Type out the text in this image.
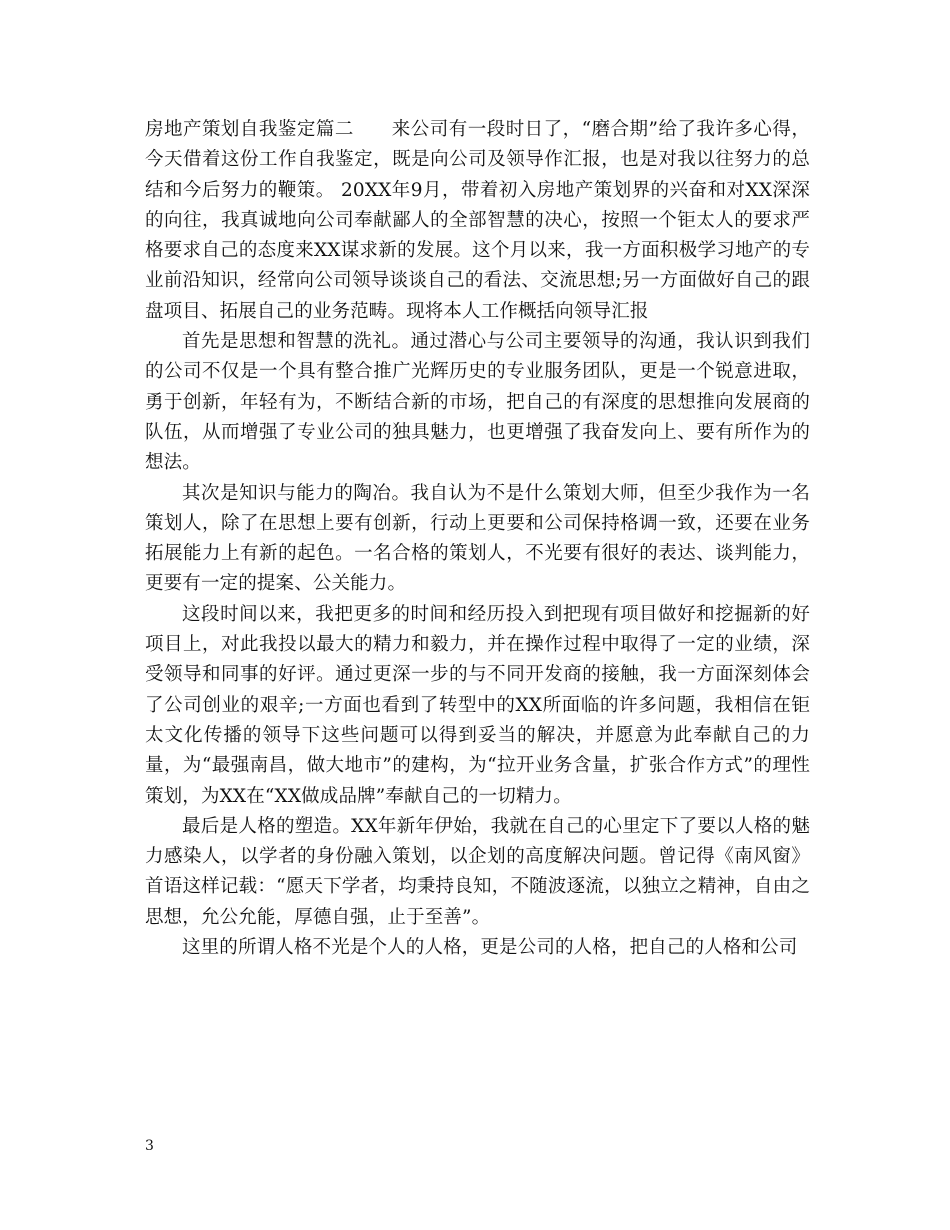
房地产策划自我鉴定篇二　　来公司有一段时日了，“磨合期”给了我许多心得，今天借着这份工作自我鉴定，既是向公司及领导作汇报，也是对我以往努力的总结和今后努力的鞭策。 20XX年9月，带着初入房地产策划界的兴奋和对XX深深的向往，我真诚地向公司奉献鄙人的全部智慧的决心，按照一个钜太人的要求严格要求自己的态度来XX谋求新的发展。这个月以来，我一方面积极学习地产的专业前沿知识，经常向公司领导谈谈自己的看法、交流思想;另一方面做好自己的跟盘项目、拓展自己的业务范畴。现将本人工作概括向领导汇报

首先是思想和智慧的洗礼。通过潜心与公司主要领导的沟通，我认识到我们的公司不仅是一个具有整合推广光辉历史的专业服务团队，更是一个锐意进取，勇于创新，年轻有为，不断结合新的市场，把自己的有深度的思想推向发展商的队伍，从而增强了专业公司的独具魅力，也更增强了我奋发向上、要有所作为的想法。

其次是知识与能力的陶冶。我自认为不是什么策划大师，但至少我作为一名策划人，除了在思想上要有创新，行动上更要和公司保持格调一致，还要在业务拓展能力上有新的起色。一名合格的策划人，不光要有很好的表达、谈判能力，更要有一定的提案、公关能力。

这段时间以来，我把更多的时间和经历投入到把现有项目做好和挖掘新的好项目上，对此我投以最大的精力和毅力，并在操作过程中取得了一定的业绩，深受领导和同事的好评。通过更深一步的与不同开发商的接触，我一方面深刻体会了公司创业的艰辛;一方面也看到了转型中的XX所面临的许多问题，我相信在钜太文化传播的领导下这些问题可以得到妥当的解决，并愿意为此奉献自己的力量，为“最强南昌，做大地市”的建构，为“拉开业务含量，扩张合作方式”的理性策划，为XX在“XX做成品牌”奉献自己的一切精力。

最后是人格的塑造。XX年新年伊始，我就在自己的心里定下了要以人格的魅力感染人，以学者的身份融入策划，以企划的高度解决问题。曾记得《南风窗》首语这样记载：“愿天下学者，均秉持良知，不随波逐流，以独立之精神，自由之思想，允公允能，厚德自强，止于至善”。

这里的所谓人格不光是个人的人格，更是公司的人格，把自己的人格和公司

3
